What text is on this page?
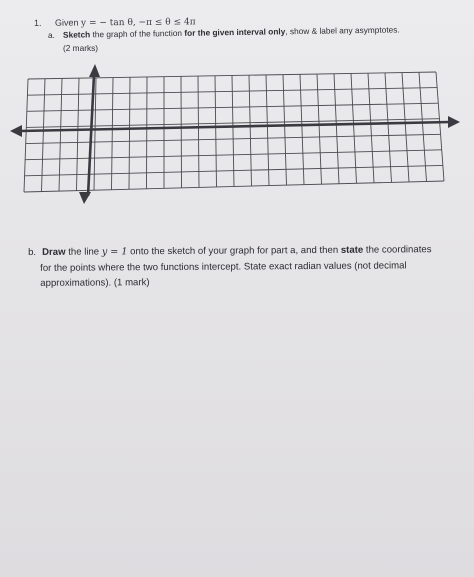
1. Given y = − tan θ, −π ≤ θ ≤ 4π
a. Sketch the graph of the function for the given interval only, show & label any asymptotes.
(2 marks)
b. Draw the line y = 1 onto the sketch of your graph for part a, and then state the coordinates
for the points where the two functions intercept. State exact radian values (not decimal
approximations). (1 mark)
